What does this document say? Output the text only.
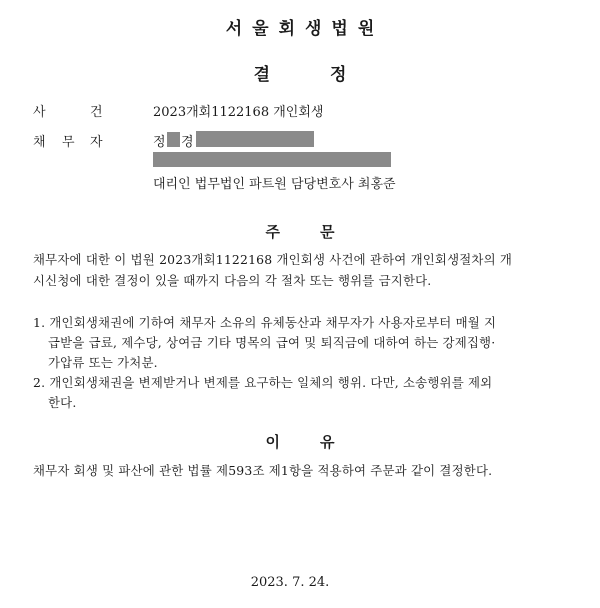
서울회생법원
결정
사	건	2023개회1122168 개인회생
채 무 자	정 경
대리인 법무법인 파트원 담당변호사 최홍준
주문
채무자에 대한 이 법원 2023개회1122168 개인회생 사건에 관하여 개인회생절차의 개
시신청에 대한 결정이 있을 때까지 다음의 각 절차 또는 행위를 금지한다.
1. 개인회생채권에 기하여 채무자 소유의 유체동산과 채무자가 사용자로부터 매월 지
급받을 급료, 제수당, 상여금 기타 명목의 급여 및 퇴직금에 대하여 하는 강제집행·
가압류 또는 가처분.
2. 개인회생채권을 변제받거나 변제를 요구하는 일체의 행위. 다만, 소송행위를 제외
한다.
이유
채무자 회생 및 파산에 관한 법률 제593조 제1항을 적용하여 주문과 같이 결정한다.
2023. 7. 24.
